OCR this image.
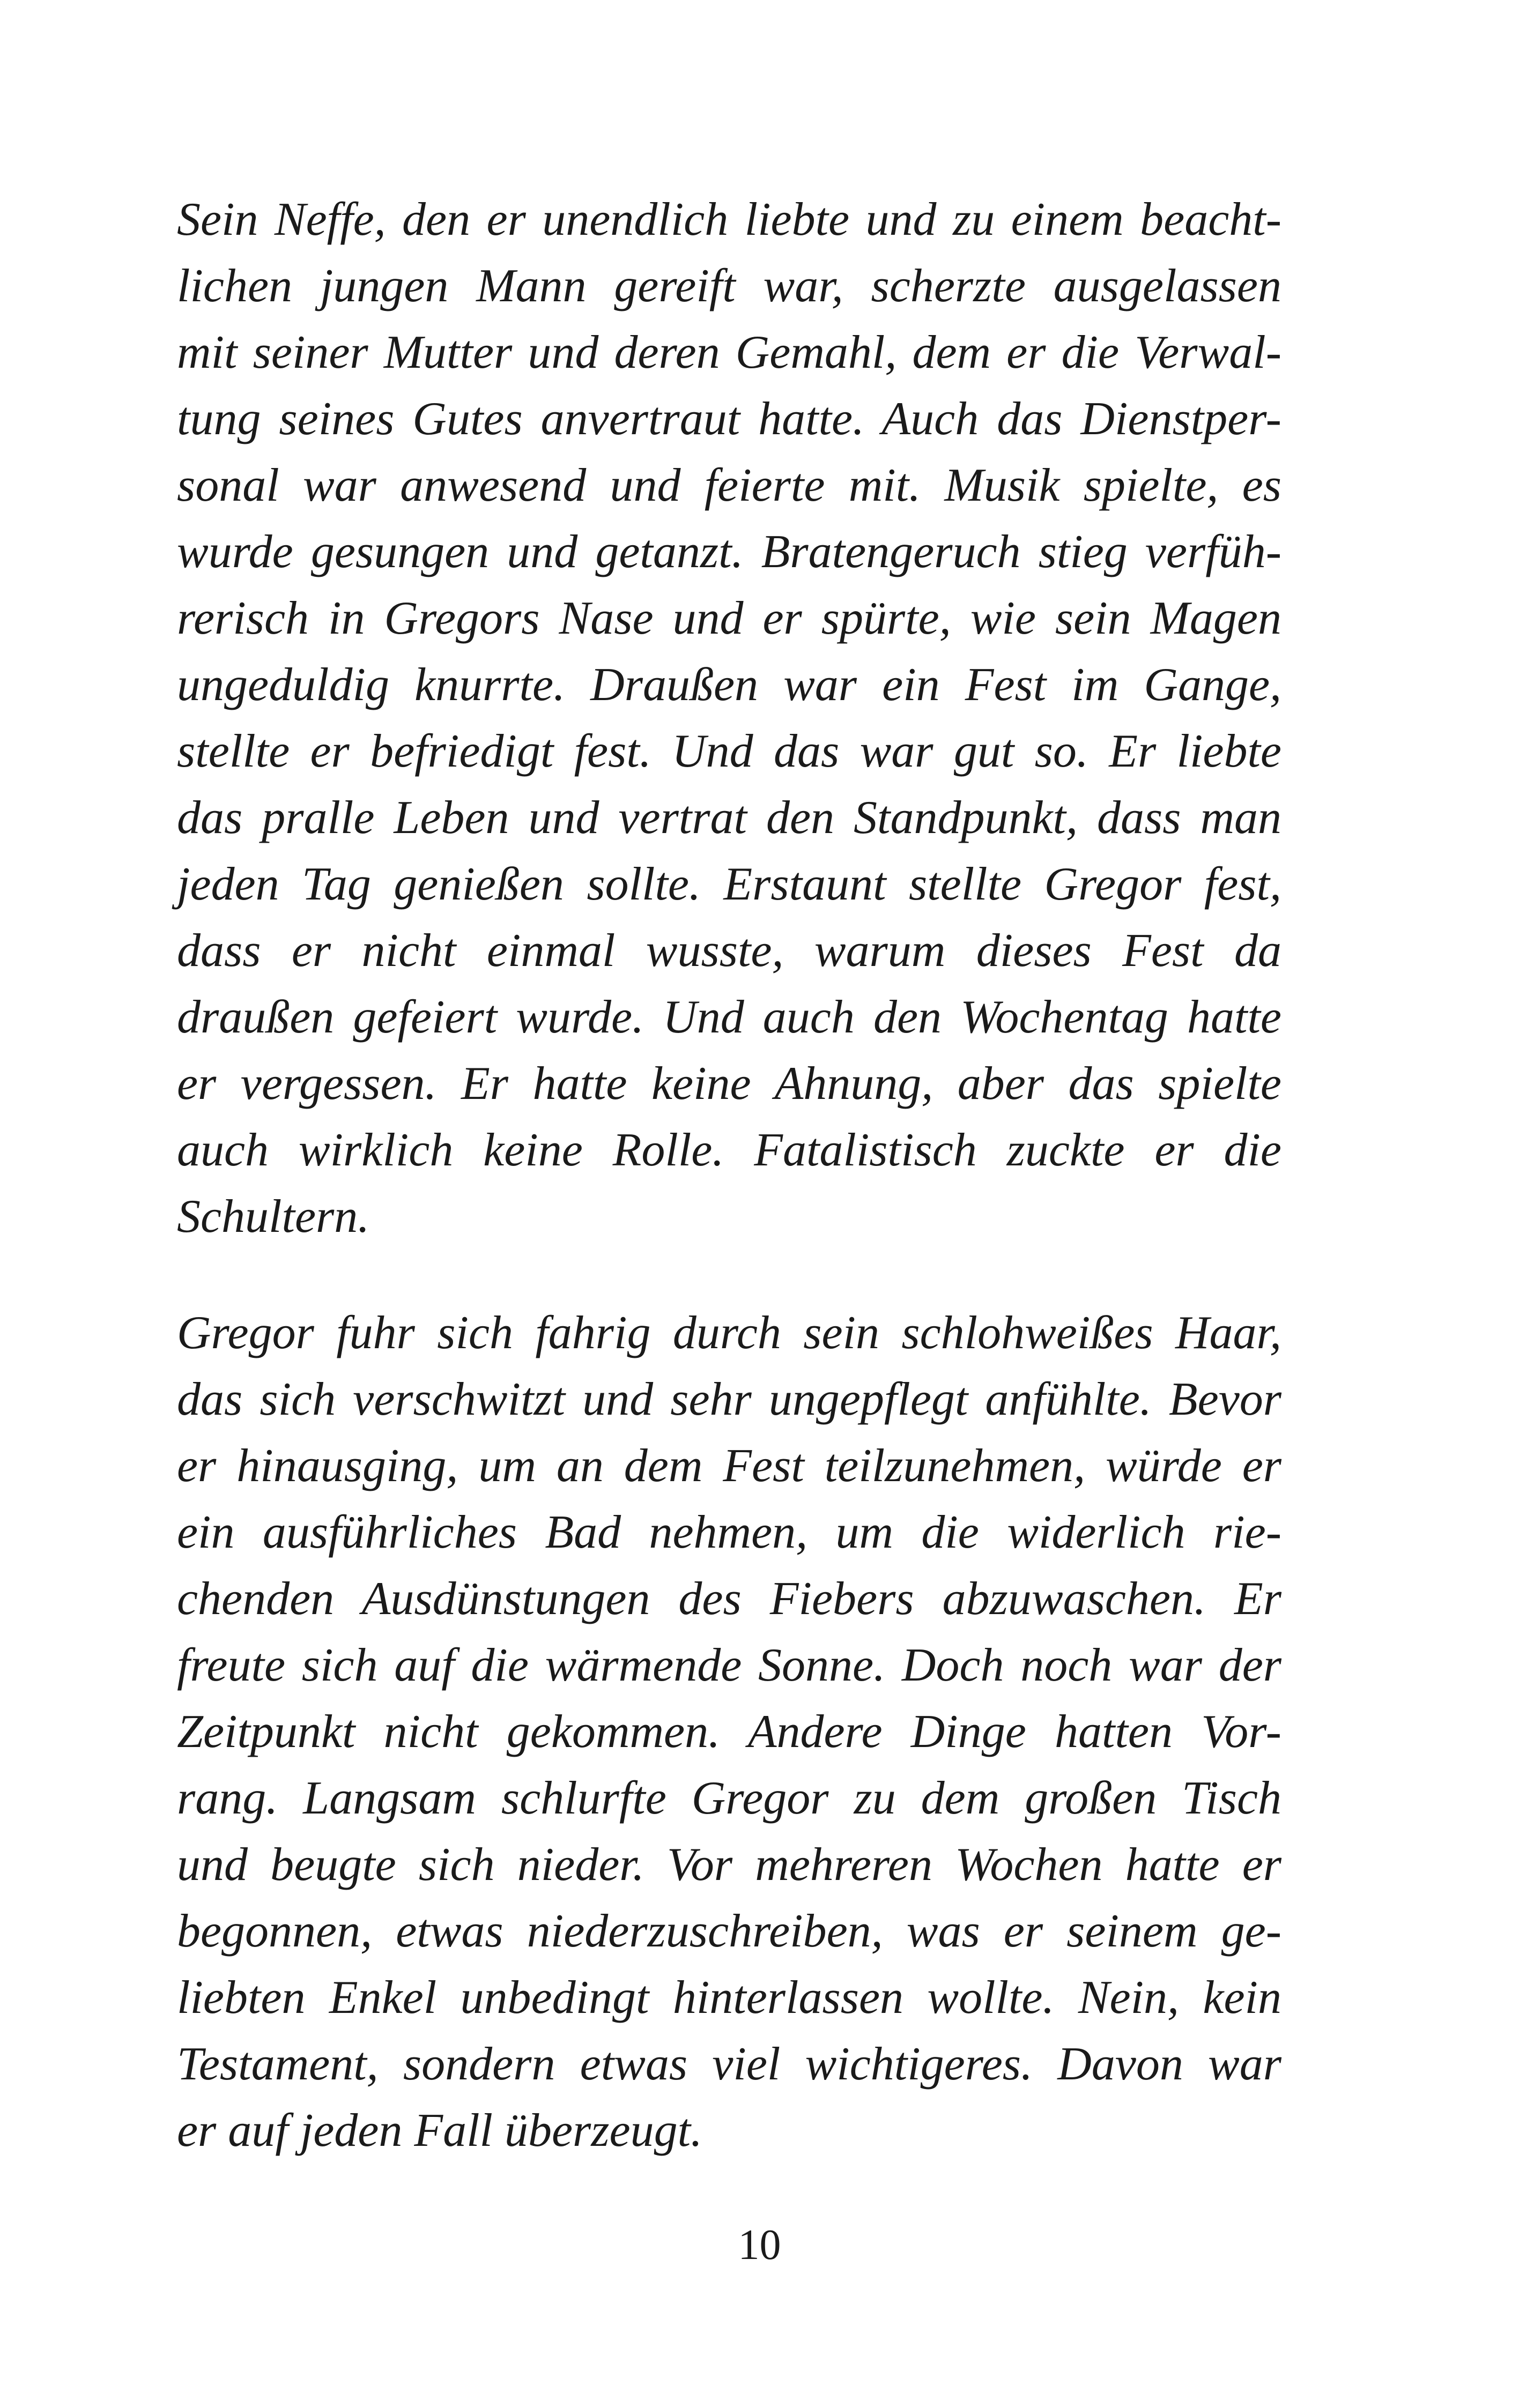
Sein Neffe, den er unendlich liebte und zu einem beacht-
lichen jungen Mann gereift war, scherzte ausgelassen
mit seiner Mutter und deren Gemahl, dem er die Verwal-
tung seines Gutes anvertraut hatte. Auch das Dienstper-
sonal war anwesend und feierte mit. Musik spielte, es
wurde gesungen und getanzt. Bratengeruch stieg verfüh-
rerisch in Gregors Nase und er spürte, wie sein Magen
ungeduldig knurrte. Draußen war ein Fest im Gange,
stellte er befriedigt fest. Und das war gut so. Er liebte
das pralle Leben und vertrat den Standpunkt, dass man
jeden Tag genießen sollte. Erstaunt stellte Gregor fest,
dass er nicht einmal wusste, warum dieses Fest da
draußen gefeiert wurde. Und auch den Wochentag hatte
er vergessen. Er hatte keine Ahnung, aber das spielte
auch wirklich keine Rolle. Fatalistisch zuckte er die
Schultern.
Gregor fuhr sich fahrig durch sein schlohweißes Haar,
das sich verschwitzt und sehr ungepflegt anfühlte. Bevor
er hinausging, um an dem Fest teilzunehmen, würde er
ein ausführliches Bad nehmen, um die widerlich rie-
chenden Ausdünstungen des Fiebers abzuwaschen. Er
freute sich auf die wärmende Sonne. Doch noch war der
Zeitpunkt nicht gekommen. Andere Dinge hatten Vor-
rang. Langsam schlurfte Gregor zu dem großen Tisch
und beugte sich nieder. Vor mehreren Wochen hatte er
begonnen, etwas niederzuschreiben, was er seinem ge-
liebten Enkel unbedingt hinterlassen wollte. Nein, kein
Testament, sondern etwas viel wichtigeres. Davon war
er auf jeden Fall überzeugt.
10
